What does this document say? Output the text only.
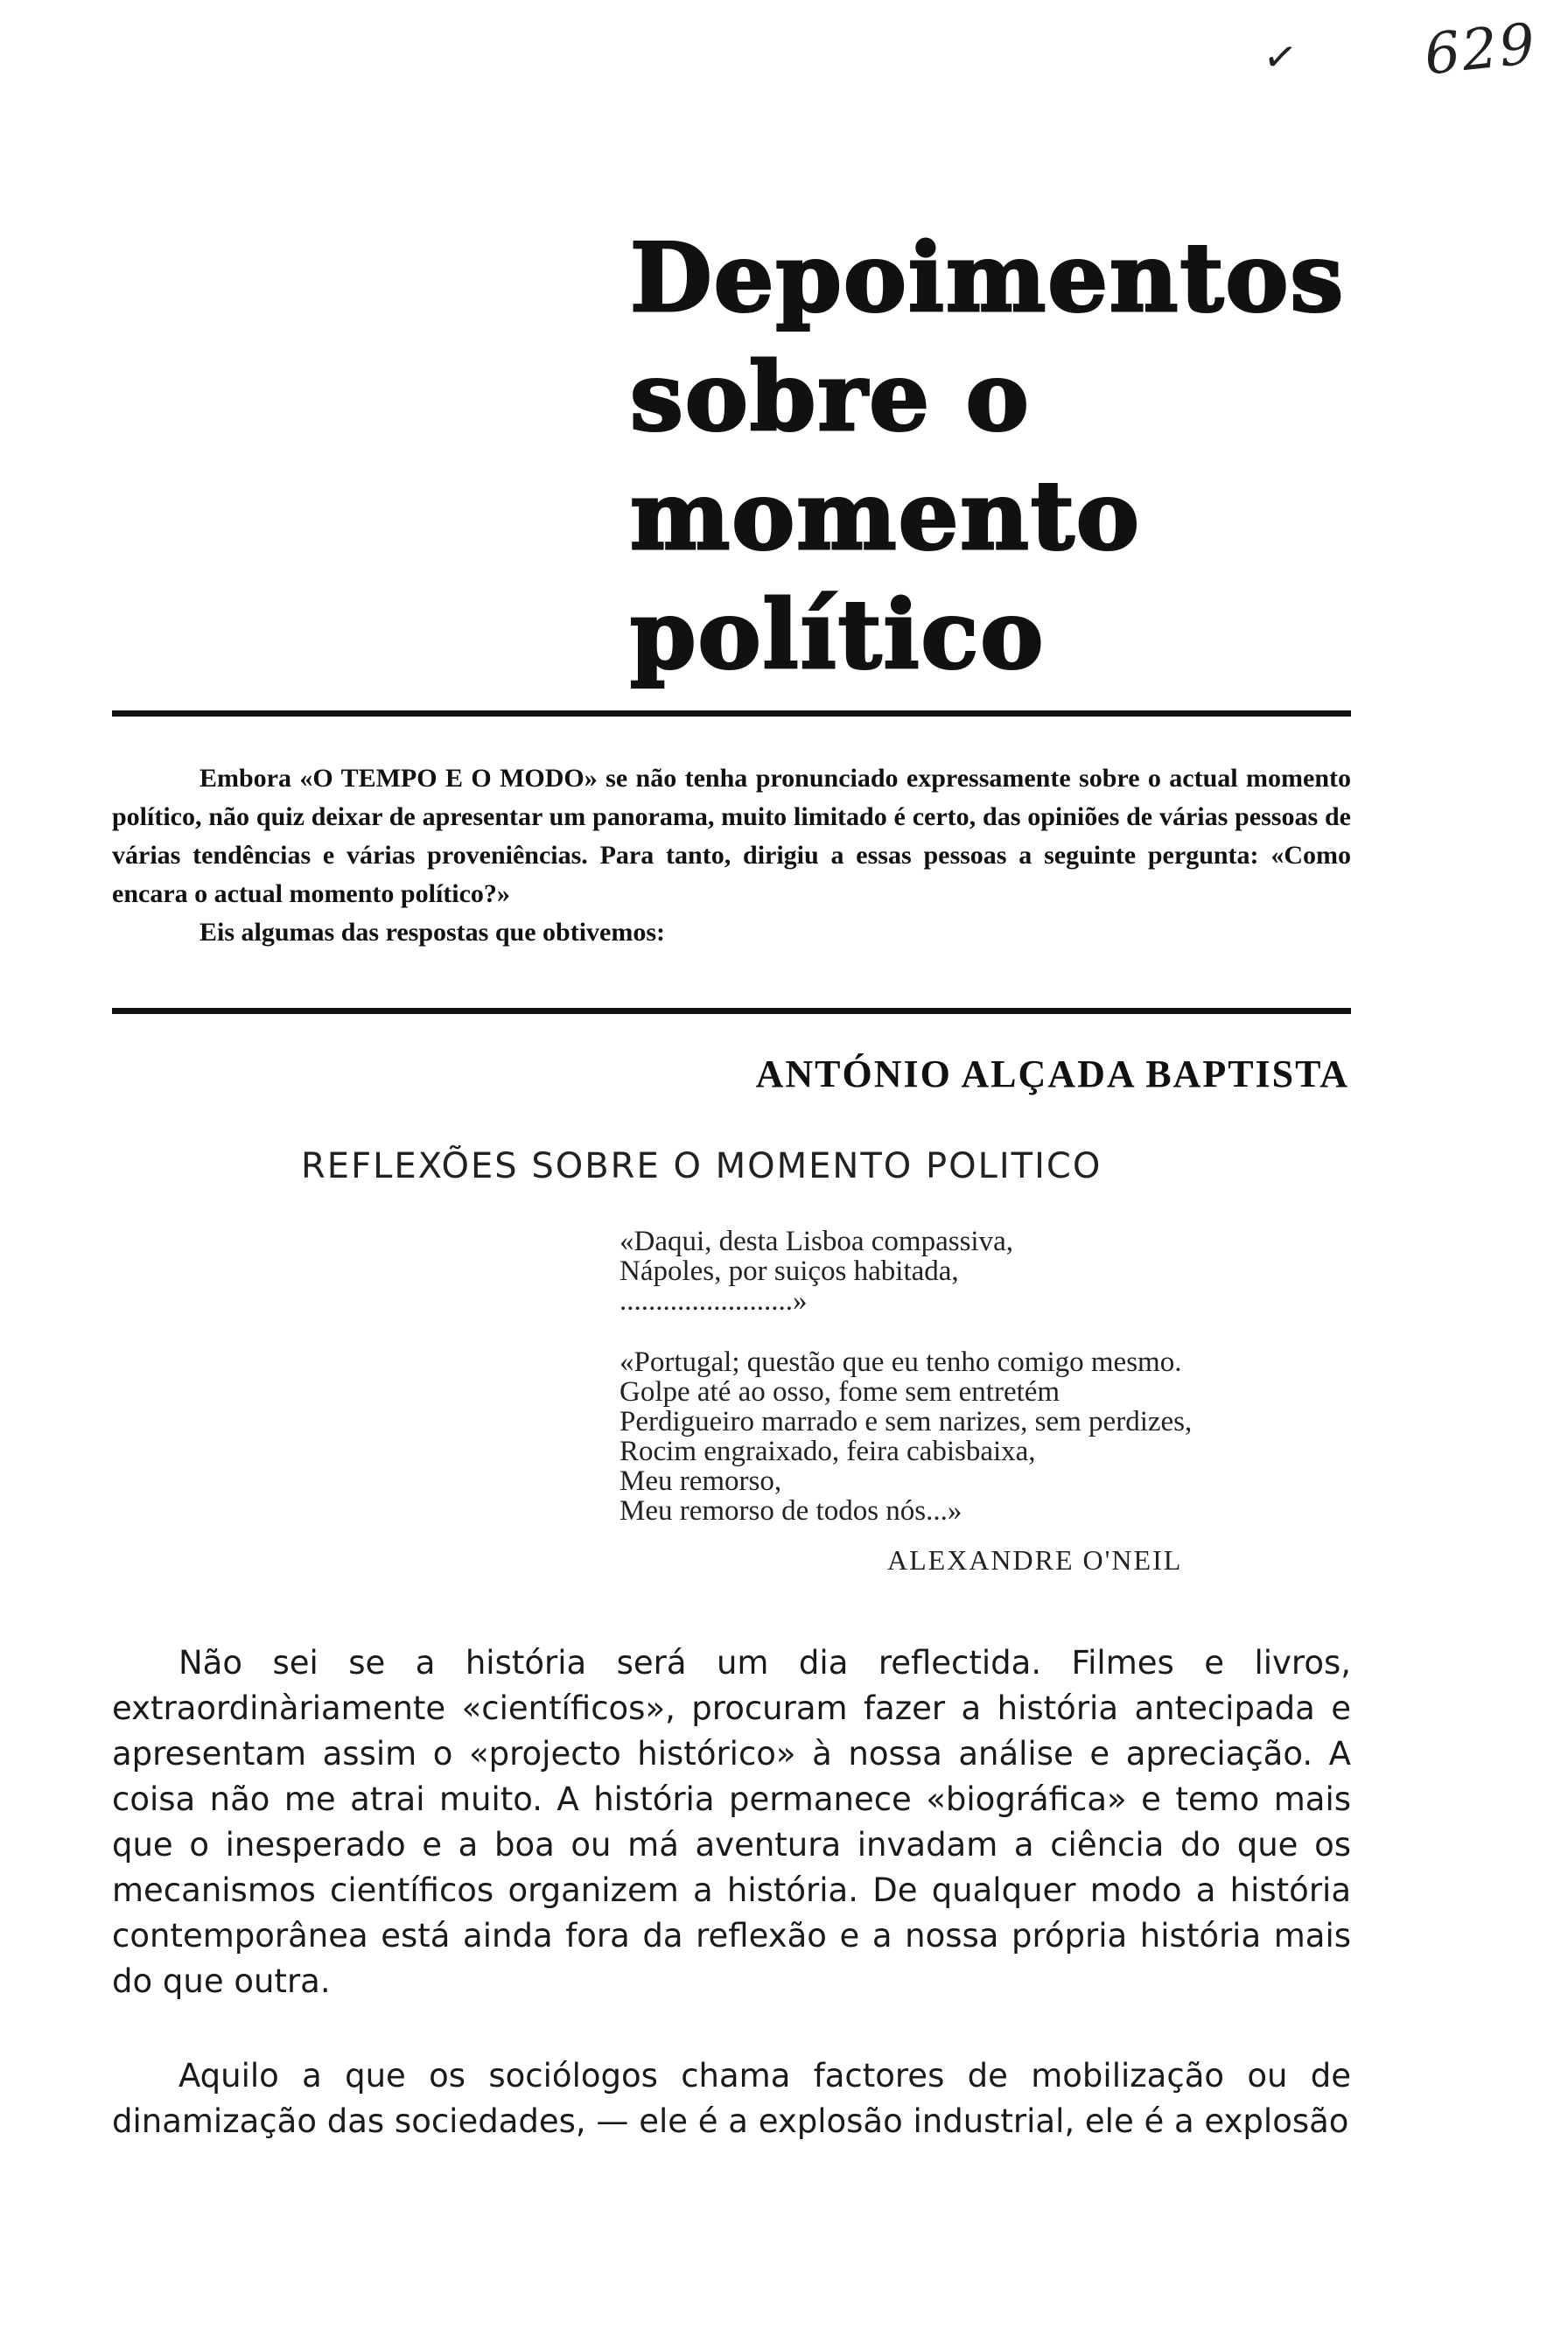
✓ 629
Depoimentos
sobre o
momento
político

Embora «O TEMPO E O MODO» se não tenha pronunciado expressamente sobre o actual momento político, não quiz deixar de apresentar um panorama, muito limitado é certo, das opiniões de várias pessoas de várias tendências e várias proveniências. Para tanto, dirigiu a essas pessoas a seguinte pergunta: «Como encara o actual momento político?»

Eis algumas das respostas que obtivemos:

ANTÓNIO ALÇADA BAPTISTA
REFLEXÕES SOBRE O MOMENTO POLITICO
«Daqui, desta Lisboa compassiva,
Nápoles, por suiços habitada,
........................»
«Portugal; questão que eu tenho comigo mesmo.
Golpe até ao osso, fome sem entretém
Perdigueiro marrado e sem narizes, sem perdizes,
Rocim engraixado, feira cabisbaixa,
Meu remorso,
Meu remorso de todos nós...»
ALEXANDRE O'NEIL

Não sei se a história será um dia reflectida. Filmes e livros, extraordinàriamente «científicos», procuram fazer a história antecipada e apresentam assim o «projecto histórico» à nossa análise e apreciação. A coisa não me atrai muito. A história permanece «biográfica» e temo mais que o inesperado e a boa ou má aventura invadam a ciência do que os mecanismos científicos organizem a história. De qualquer modo a história contemporânea está ainda fora da reflexão e a nossa própria história mais do que outra.

Aquilo a que os sociólogos chama factores de mobilização ou de dinamização das sociedades, — ele é a explosão industrial, ele é a explosão
